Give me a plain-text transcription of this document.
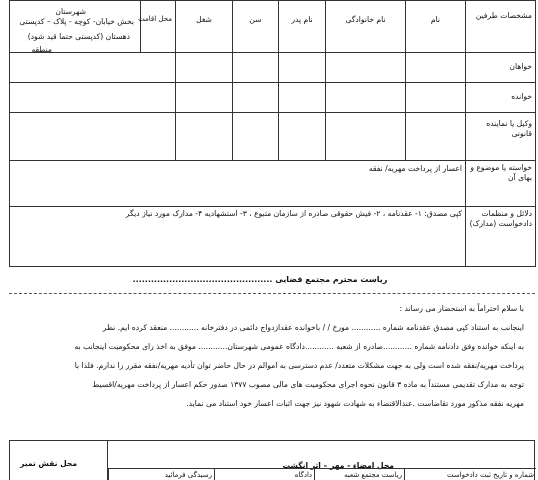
مشخصات طرفین	نام	نام خانوادگی	نام پدر	سن	شغل	محل اقامت	شهرستان
بخش خیابان- کوچه - پلاک – کدپستی
دهستان (کدپستی حتما قید شود)
منطقه

خواهان							
خوانده							
وکیل یا نماینده قانونی							
خواسته یا موضوع و بهای آن	اعسار از پرداخت مهریه/ نفقه						
دلائل و منظمات دادخواست (مدارک)	کپی مصدق: ۱- عقدنامه ، ۲- فیش حقوقی صادره از سازمان متبوع ، ۳- استشهادیه ۴- مدارک مورد نیاز دیگر						
ریاست محترم مجتمع قضایی ..............................................
با سلام احتراماً به استحضار می رساند :
اینجانب به استناد کپی مصدق عقدنامه شماره ............ مورخ / / باخوانده عقدازدواج دائمی در دفترخانه ............ منعقد کرده ایم. نظر
به اینکه خوانده وفق دادنامه شماره ............صادره از شعبه ............دادگاه عمومی شهرستان............ موفق به اخذ رای محکومیت اینجانب به
پرداخت مهریه/نفقه شده است ولی به جهت مشکلات متعدد/ عدم دسترسی به اموالم در حال حاضر توان تأدیه مهریه/نفقه مقرر را ندارم. فلذا با
توجه به مدارک تقدیمی مستنداً به ماده ۳ قانون نحوه اجرای محکومیت های مالی مصوب ۱۳۷۷ صدور حکم اعسار از پرداخت مهریه/اقسیط
مهریه نفقه مذکور مورد تقاضاست .عندالاقتضاء به شهادت شهود نیز جهت اثبات اعسار خود استناد می نماید.
محل نقش تمبر	محل امضاء - مهر – اثر انگشت
شماره و تاریخ ثبت دادخواست
ریاست مجتمع شعبه
دادگاه
رسیدگی فرمائید
